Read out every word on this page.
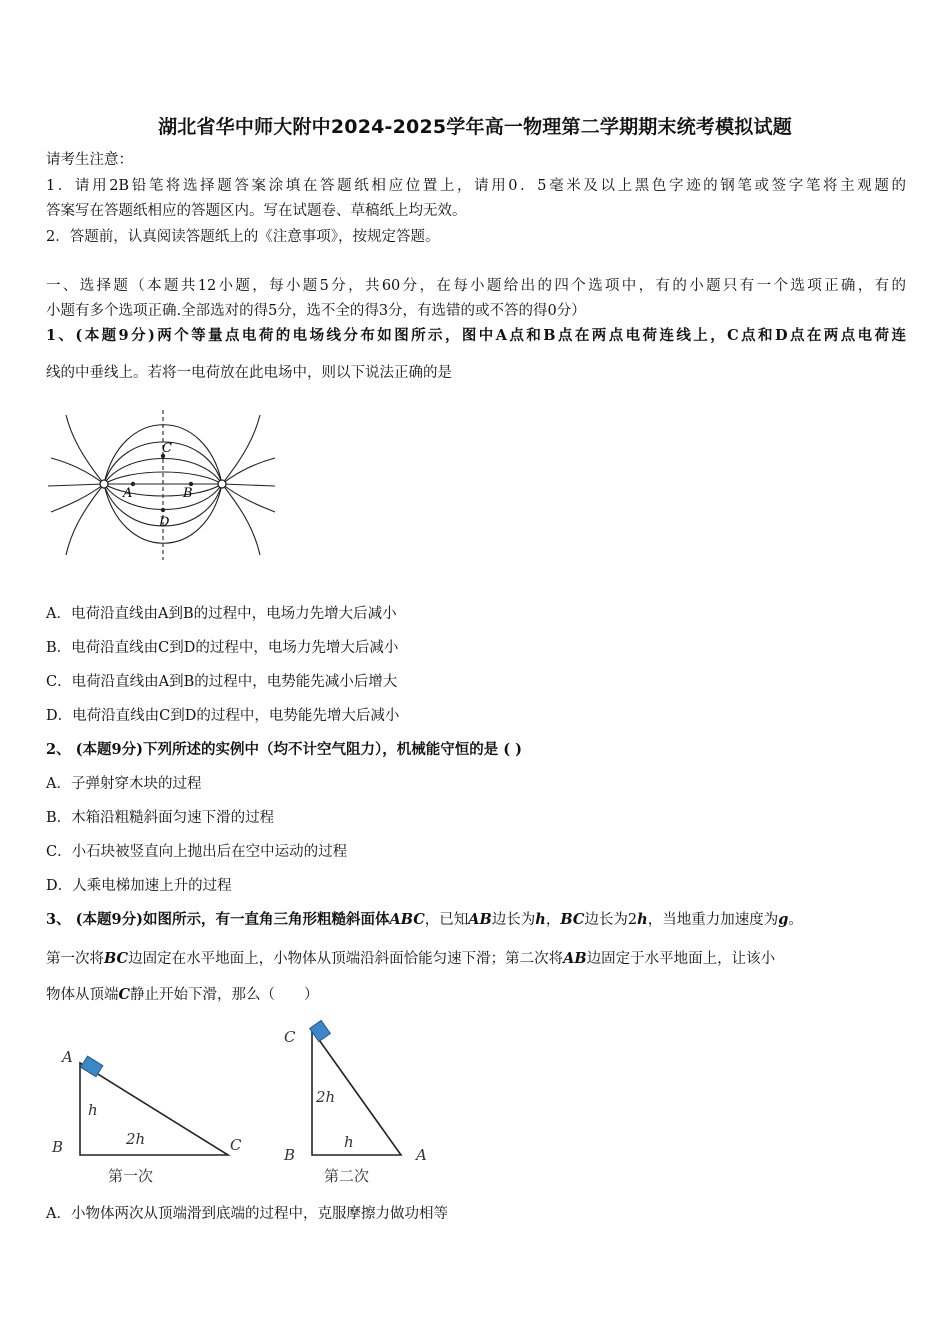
湖北省华中师大附中2024-2025学年高一物理第二学期期末统考模拟试题
请考生注意：
1．请用2B铅笔将选择题答案涂填在答题纸相应位置上，请用0．5毫米及以上黑色字迹的钢笔或签字笔将主观题的
答案写在答题纸相应的答题区内。写在试题卷、草稿纸上均无效。
2．答题前，认真阅读答题纸上的《注意事项》，按规定答题。
一、选择题（本题共12小题，每小题5分，共60分，在每小题给出的四个选项中，有的小题只有一个选项正确，有的
小题有多个选项正确.全部选对的得5分，选不全的得3分，有选错的或不答的得0分）
1、(本题9分)两个等量点电荷的电场线分布如图所示，图中A点和B点在两点电荷连线上，C点和D点在两点电荷连
线的中垂线上。若将一电荷放在此电场中，则以下说法正确的是
C
A	B
D
A．电荷沿直线由A到B的过程中，电场力先增大后减小
B．电荷沿直线由C到D的过程中，电场力先增大后减小
C．电荷沿直线由A到B的过程中，电势能先减小后增大
D．电荷沿直线由C到D的过程中，电势能先增大后减小
2、 (本题9分)下列所述的实例中（均不计空气阻力），机械能守恒的是 ( )
A．子弹射穿木块的过程
B．木箱沿粗糙斜面匀速下滑的过程
C．小石块被竖直向上抛出后在空中运动的过程
D．人乘电梯加速上升的过程
3、 (本题9分)如图所示，有一直角三角形粗糙斜面体ABC，已知AB边长为h，BC边长为2h，当地重力加速度为g。
第一次将BC边固定在水平地面上，小物体从顶端沿斜面恰能匀速下滑；第二次将AB边固定于水平地面上，让该小
物体从顶端C静止开始下滑，那么（　　）
A
h
B	2h	C
C
2h
B
h
A
第一次	第二次
A．小物体两次从顶端滑到底端的过程中，克服摩擦力做功相等
